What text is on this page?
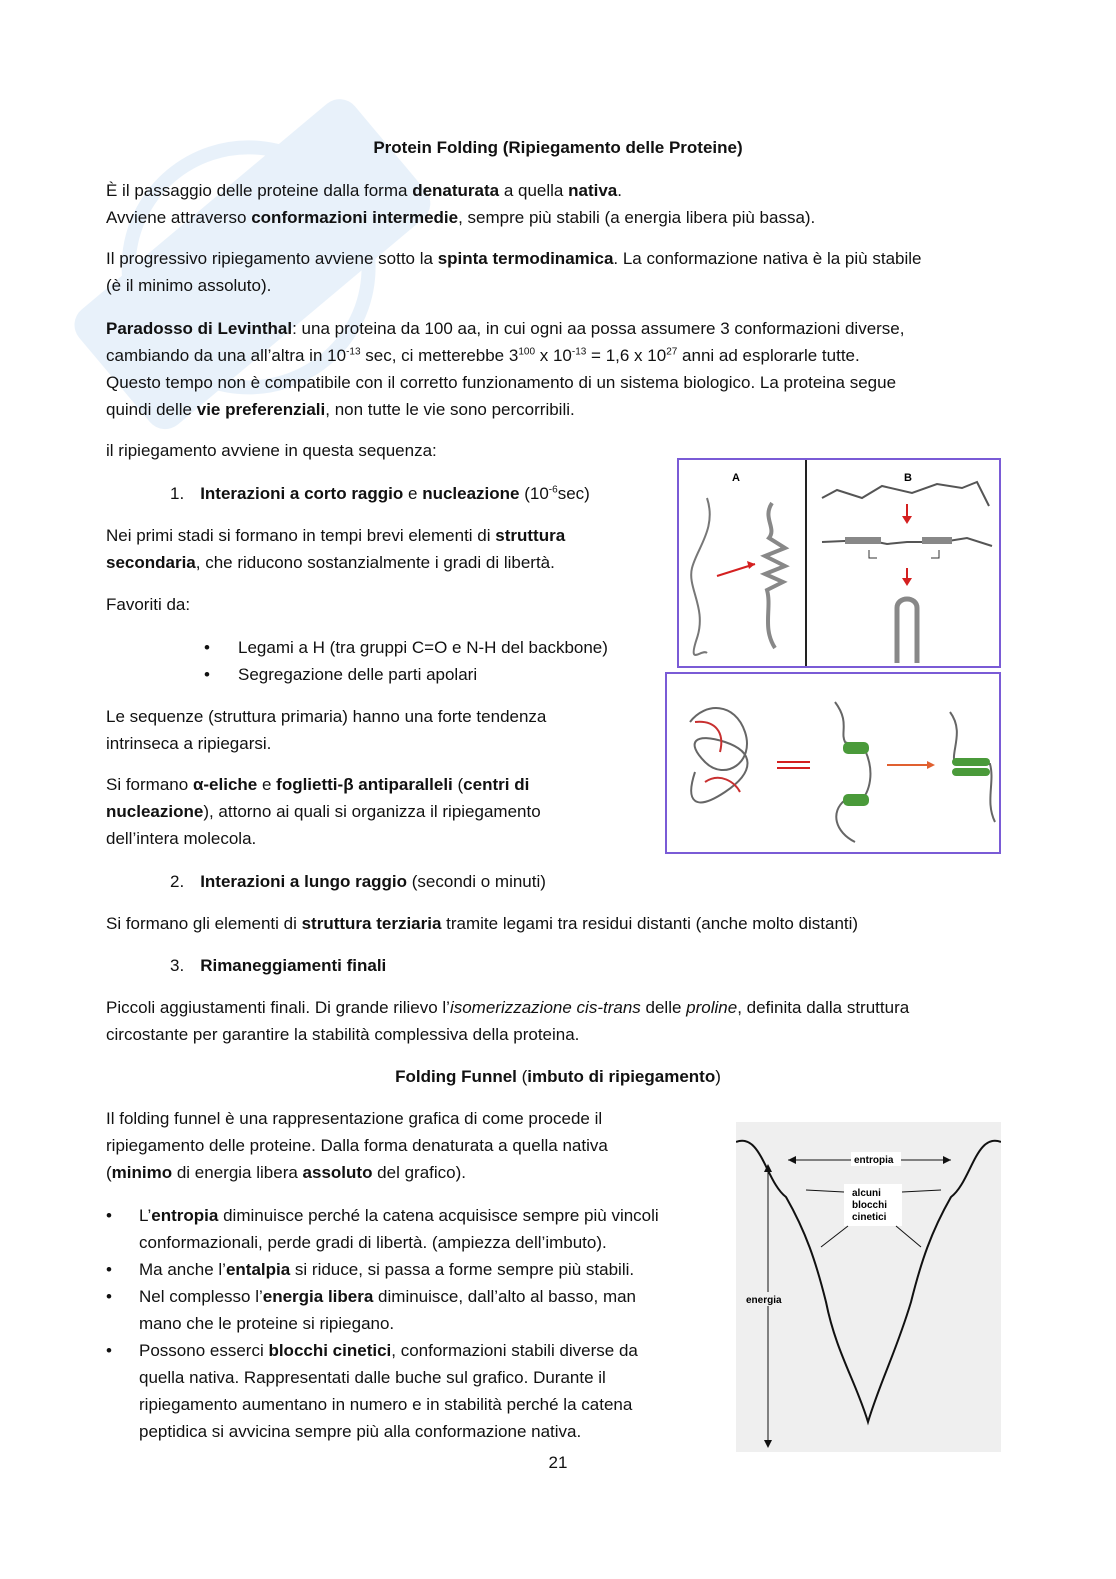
Protein Folding (Ripiegamento delle Proteine)

È il passaggio delle proteine dalla forma denaturata a quella nativa.

Avviene attraverso conformazioni intermedie, sempre più stabili (a energia libera più bassa).

Il progressivo ripiegamento avviene sotto la spinta termodinamica. La conformazione nativa è la più stabile

(è il minimo assoluto).

Paradosso di Levinthal: una proteina da 100 aa, in cui ogni aa possa assumere 3 conformazioni diverse,

cambiando da una all’altra in $10^{-13}$ sec, ci metterebbe $3^{100}$ x $10^{-13} = 1,6$ x $10^{27}$ anni ad esplorarle tutte.

Questo tempo non è compatibile con il corretto funzionamento di un sistema biologico. La proteina segue

quindi delle vie preferenziali, non tutte le vie sono percorribili.

il ripiegamento avviene in questa sequenza:
1. Interazioni a corto raggio e nucleazione $(10^{-6}\sec)$

Nei primi stadi si formano in tempi brevi elementi di struttura

secondaria, che riducono sostanzialmente i gradi di libertà.

Favoriti da:

• Legami a H (tra gruppi C=O e N-H del backbone)

• Segregazione delle parti apolari

Le sequenze (struttura primaria) hanno una forte tendenza

intrinseca a ripiegarsi.

Si formano α-eliche e foglietti-β antiparalleli (centri di

nucleazione), attorno ai quali si organizza il ripiegamento

dell’intera molecola.

2. Interazioni a lungo raggio (secondi o minuti)
Si formano gli elementi di struttura terziaria tramite legami tra residui distanti (anche molto distanti)
3. Rimaneggiamenti finali

Piccoli aggiustamenti finali. Di grande rilievo l’isomerizzazione cis-trans delle proline, definita dalla struttura

circostante per garantire la stabilità complessiva della proteina.

Folding Funnel (imbuto di ripiegamento)

Il folding funnel è una rappresentazione grafica di come procede il

ripiegamento delle proteine. Dalla forma denaturata a quella nativa

(minimo di energia libera assoluto del grafico).

• L’entropia diminuisce perché la catena acquisisce sempre più vincoli

conformazionali, perde gradi di libertà. (ampiezza dell’imbuto).

• Ma anche l’entalpia si riduce, si passa a forme sempre più stabili.

• Nel complesso l’energia libera diminuisce, dall’alto al basso, man

mano che le proteine si ripiegano.

• Possono esserci blocchi cinetici, conformazioni stabili diverse da

quella nativa. Rappresentati dalle buche sul grafico. Durante il

ripiegamento aumentano in numero e in stabilità perché la catena

peptidica si avvicina sempre più alla conformazione nativa.

A	B
entropia
alcuni
blocchi
cinetici
energia
21
